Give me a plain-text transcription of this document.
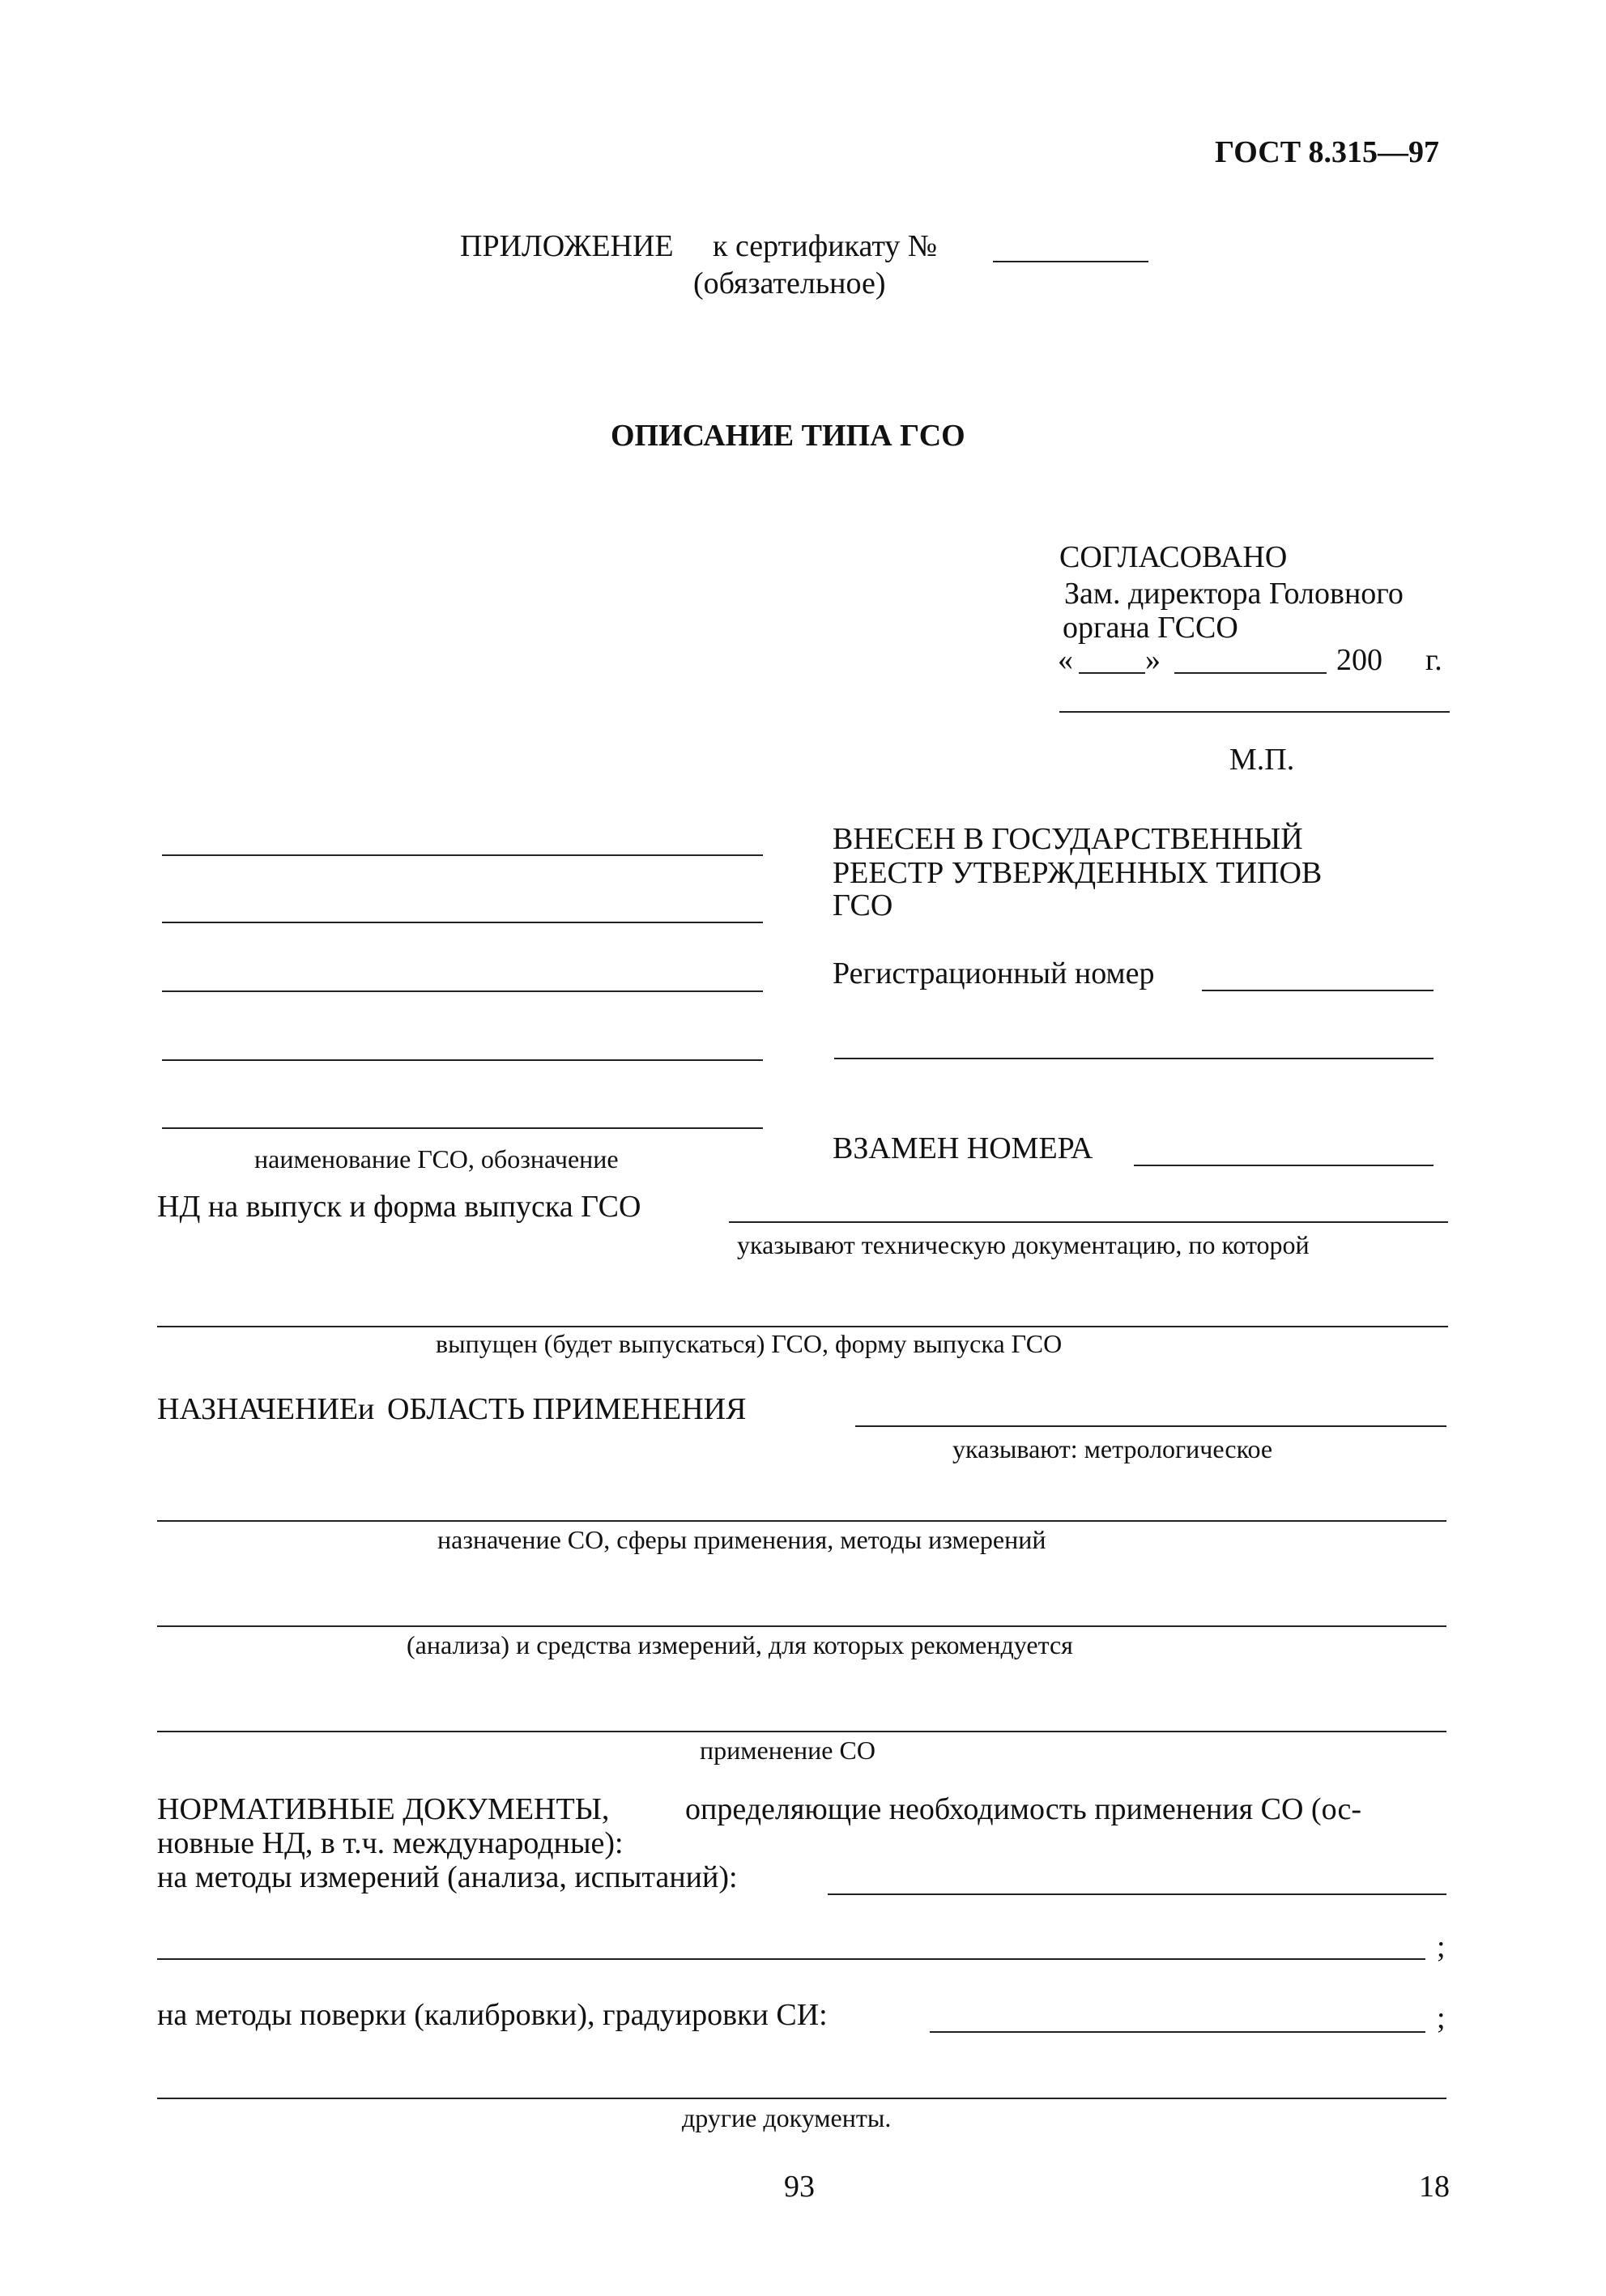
ГОСТ 8.315—97
ПРИЛОЖЕНИЕ к сертификату №
(обязательное)
ОПИСАНИЕ ТИПА ГСО
СОГЛАСОВАНО
Зам. директора Головного
органа ГССО
« »	200 г.
М.П.
наименование ГСО, обозначение
ВНЕСЕН В ГОСУДАРСТВЕННЫЙ
РЕЕСТР УТВЕРЖДЕННЫХ ТИПОВ
ГСО
Регистрационный номер
ВЗАМЕН НОМЕРА
НД на выпуск и форма выпуска ГСО
указывают техническую документацию, по которой
выпущен (будет выпускаться) ГСО, форму выпуска ГСО
НАЗНАЧЕНИЕ и ОБЛАСТЬ ПРИМЕНЕНИЯ
указывают: метрологическое
назначение СО, сферы применения, методы измерений
(анализа) и средства измерений, для которых рекомендуется
применение СО
НОРМАТИВНЫЕ ДОКУМЕНТЫ, определяющие необходимость применения СО (ос-
новные НД, в т.ч. международные):
на методы измерений (анализа, испытаний):
;
на методы поверки (калибровки), градуировки СИ:	;
другие документы.
93	18
